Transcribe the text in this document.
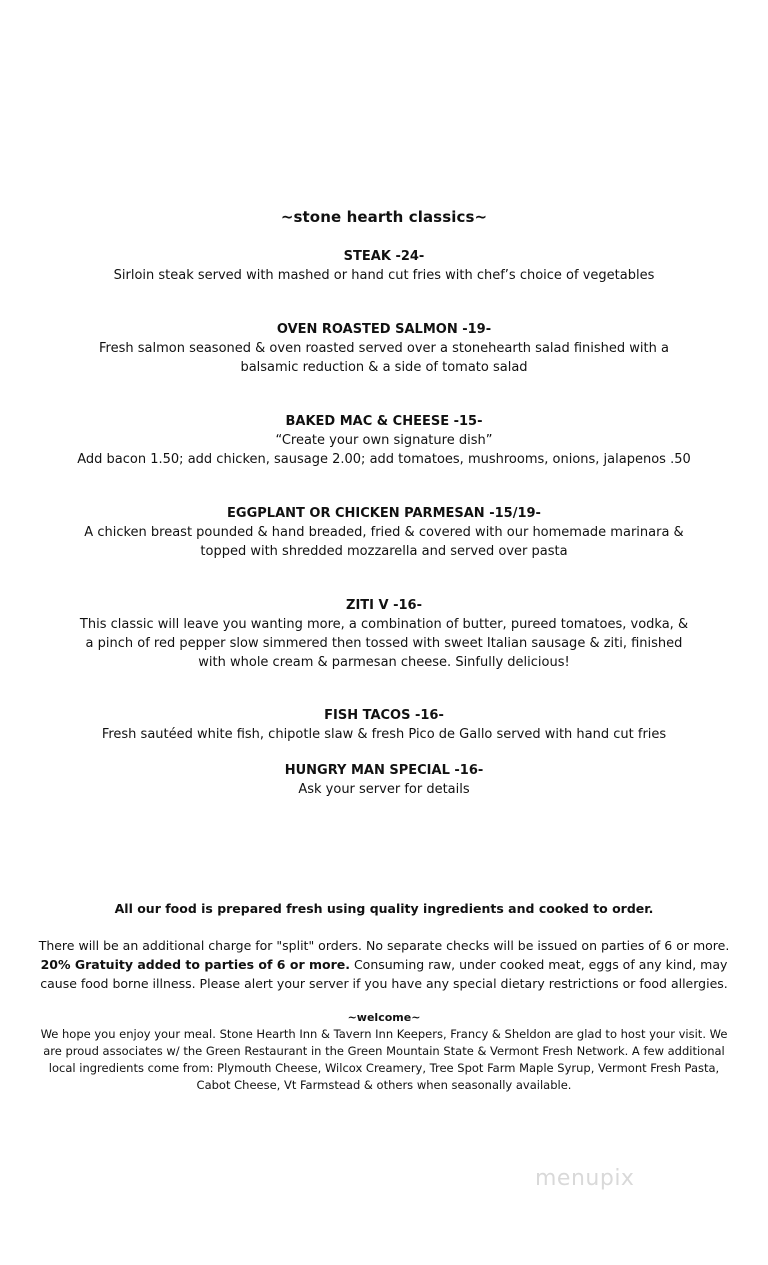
~stone hearth classics~
STEAK -24-
Sirloin steak served with mashed or hand cut fries with chef’s choice of vegetables
OVEN ROASTED SALMON -19-
Fresh salmon seasoned & oven roasted served over a stonehearth salad finished with a
balsamic reduction & a side of tomato salad
BAKED MAC & CHEESE -15-
“Create your own signature dish”
Add bacon 1.50; add chicken, sausage 2.00; add tomatoes, mushrooms, onions, jalapenos .50
EGGPLANT OR CHICKEN PARMESAN -15/19-
A chicken breast pounded & hand breaded, fried & covered with our homemade marinara &
topped with shredded mozzarella and served over pasta
ZITI V -16-
This classic will leave you wanting more, a combination of butter, pureed tomatoes, vodka, &
a pinch of red pepper slow simmered then tossed with sweet Italian sausage & ziti, finished
with whole cream & parmesan cheese. Sinfully delicious!
FISH TACOS -16-
Fresh sautéed white fish, chipotle slaw & fresh Pico de Gallo served with hand cut fries
HUNGRY MAN SPECIAL -16-
Ask your server for details
All our food is prepared fresh using quality ingredients and cooked to order.
There will be an additional charge for "split" orders. No separate checks will be issued on parties of 6 or more.
20% Gratuity added to parties of 6 or more. Consuming raw, under cooked meat, eggs of any kind, may
cause food borne illness. Please alert your server if you have any special dietary restrictions or food allergies.
~welcome~
We hope you enjoy your meal. Stone Hearth Inn & Tavern Inn Keepers, Francy & Sheldon are glad to host your visit. We
are proud associates w/ the Green Restaurant in the Green Mountain State & Vermont Fresh Network. A few additional
local ingredients come from: Plymouth Cheese, Wilcox Creamery, Tree Spot Farm Maple Syrup, Vermont Fresh Pasta,
Cabot Cheese, Vt Farmstead & others when seasonally available.
menupix
